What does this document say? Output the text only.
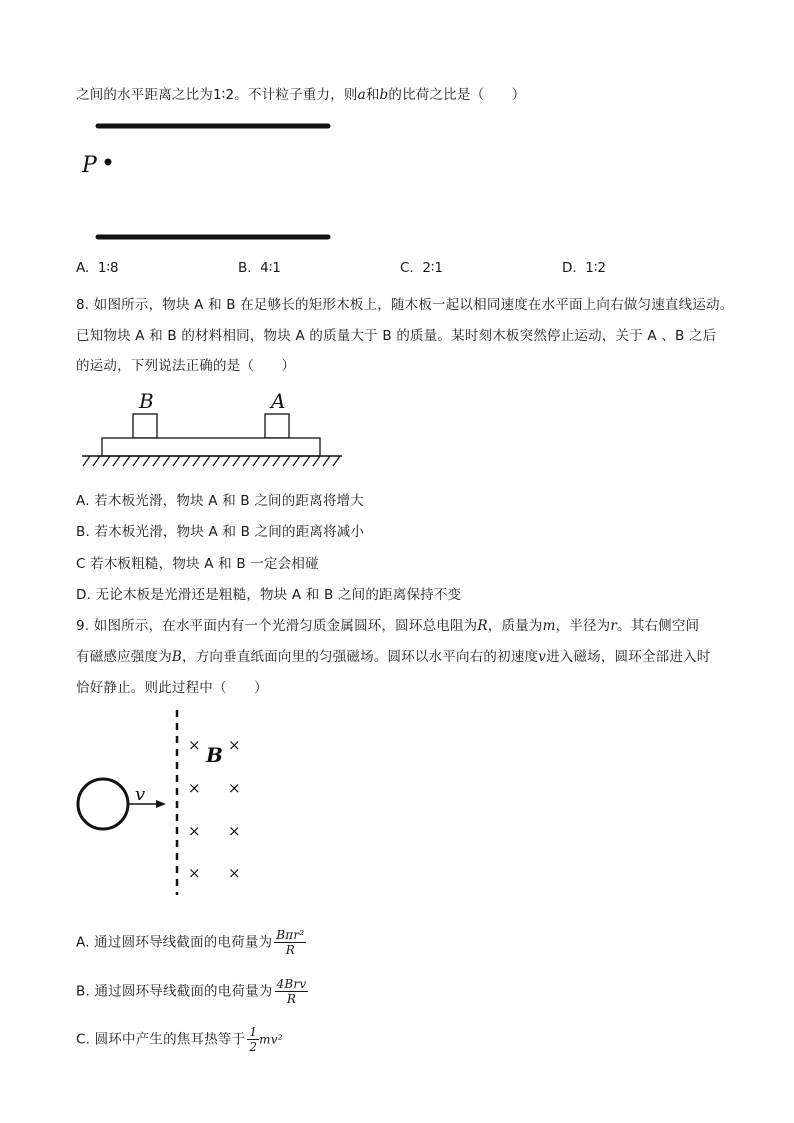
之间的水平距离之比为1∶2。不计粒子重力，则a和b的比荷之比是（　　）
P
A. 1∶8	B. 4∶1	C. 2∶1	D. 1∶2
8. 如图所示，物块 A 和 B 在足够长的矩形木板上，随木板一起以相同速度在水平面上向右做匀速直线运动。
已知物块 A 和 B 的材料相同，物块 A 的质量大于 B 的质量。某时刻木板突然停止运动，关于 A 、B 之后
的运动，下列说法正确的是（　　）
B	A
A. 若木板光滑，物块 A 和 B 之间的距离将增大
B. 若木板光滑，物块 A 和 B 之间的距离将减小
C 若木板粗糙，物块 A 和 B 一定会相碰
D. 无论木板是光滑还是粗糙，物块 A 和 B 之间的距离保持不变
9. 如图所示，在水平面内有一个光滑匀质金属圆环，圆环总电阻为R，质量为m，半径为r。其右侧空间
有磁感应强度为B，方向垂直纸面向里的匀强磁场。圆环以水平向右的初速度v进入磁场，圆环全部进入时
恰好静止。则此过程中（　　）
v
B
× ×
× ×
× ×
× ×
A. 通过圆环导线截面的电荷量为 $\frac{\text{Bπr²}}{R}$
B. 通过圆环导线截面的电荷量为 $\frac{\text{4Brv}}{R}$
C. 圆环中产生的焦耳热等于 $\frac{1}{2} mv^2$
